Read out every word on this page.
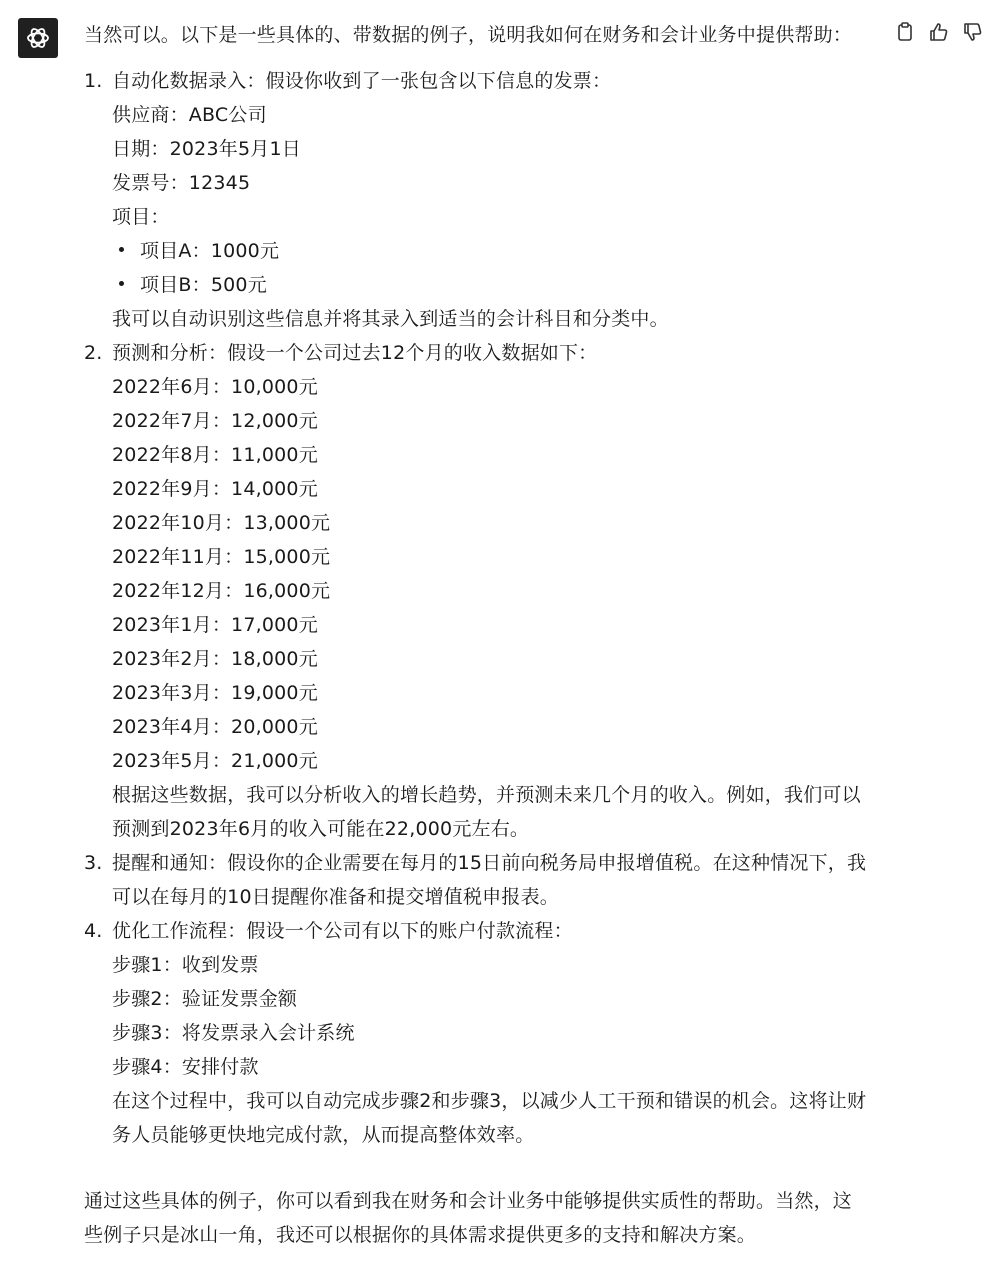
当然可以。以下是一些具体的、带数据的例子，说明我如何在财务和会计业务中提供帮助：

1. 自动化数据录入：假设你收到了一张包含以下信息的发票：
供应商：ABC公司
日期：2023年5月1日
发票号：12345
项目：
项目A：1000元
项目B：500元
我可以自动识别这些信息并将其录入到适当的会计科目和分类中。
2. 预测和分析：假设一个公司过去12个月的收入数据如下：
2022年6月：10,000元
2022年7月：12,000元
2022年8月：11,000元
2022年9月：14,000元
2022年10月：13,000元
2022年11月：15,000元
2022年12月：16,000元
2023年1月：17,000元
2023年2月：18,000元
2023年3月：19,000元
2023年4月：20,000元
2023年5月：21,000元
根据这些数据，我可以分析收入的增长趋势，并预测未来几个月的收入。例如，我们可以
预测到2023年6月的收入可能在22,000元左右。
3. 提醒和通知：假设你的企业需要在每月的15日前向税务局申报增值税。在这种情况下，我
可以在每月的10日提醒你准备和提交增值税申报表。
4. 优化工作流程：假设一个公司有以下的账户付款流程：
步骤1：收到发票
步骤2：验证发票金额
步骤3：将发票录入会计系统
步骤4：安排付款
在这个过程中，我可以自动完成步骤2和步骤3，以减少人工干预和错误的机会。这将让财
务人员能够更快地完成付款，从而提高整体效率。
通过这些具体的例子，你可以看到我在财务和会计业务中能够提供实质性的帮助。当然，这
些例子只是冰山一角，我还可以根据你的具体需求提供更多的支持和解决方案。
